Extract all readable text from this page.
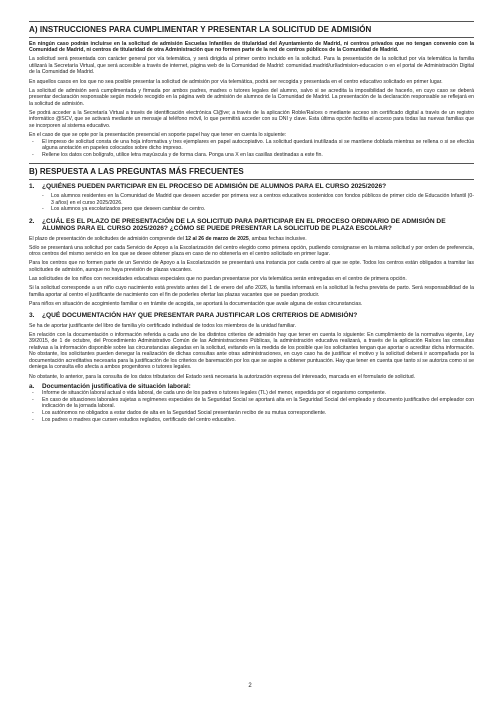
A) INSTRUCCIONES PARA CUMPLIMENTAR Y PRESENTAR LA SOLICITUD DE ADMISIÓN

En ningún caso podrán incluirse en la solicitud de admisión Escuelas Infantiles de titularidad del Ayuntamiento de Madrid, ni centros privados que no tengan convenio con la Comunidad de Madrid, ni centros de titularidad de otra Administración que no formen parte de la red de centros públicos de la Comunidad de Madrid.

La solicitud será presentada con carácter general por vía telemática, y será dirigida al primer centro incluido en la solicitud. Para la presentación de la solicitud por vía telemática la familia utilizará la Secretaría Virtual, que será accesible a través de internet, página web de la Comunidad de Madrid: comunidad.madrid/url/admision-educacion o en el portal de Administración Digital de la Comunidad de Madrid.

En aquellos casos en los que no sea posible presentar la solicitud de admisión por vía telemática, podrá ser recogida y presentada en el centro educativo solicitado en primer lugar.

La solicitud de admisión será cumplimentada y firmada por ambos padres, madres o tutores legales del alumno, salvo si se acredita la imposibilidad de hacerlo, en cuyo caso se deberá presentar declaración responsable según modelo recogido en la página web de admisión de alumnos de la Comunidad de Madrid. La presentación de la declaración responsable se reflejará en la solicitud de admisión.

Se podrá acceder a la Secretaría Virtual a través de identificación electrónica Cl@ve; a través de la aplicación Roble/Raíces o mediante acceso sin certificado digital a través de un registro informático @SCV, que se activará mediante un mensaje al teléfono móvil, lo que permitirá acceder con su DNI y clave. Esta última opción facilita el acceso para todas las nuevas familias que se incorporen al sistema educativo.

En el caso de que se opte por la presentación presencial en soporte papel hay que tener en cuenta lo siguiente:

- El impreso de solicitud consta de una hoja informativa y tres ejemplares en papel autocopiativo. La solicitud quedará inutilizada si se mantiene doblada mientras se rellena o si se efectúa alguna anotación en papeles colocados sobre dicho impreso.
- Rellene los datos con bolígrafo, utilice letra mayúscula y de forma clara. Ponga una X en las casillas destinadas a este fin.
B) RESPUESTA A LAS PREGUNTAS MÁS FRECUENTES
1.	¿QUIÉNES PUEDEN PARTICIPAR EN EL PROCESO DE ADMISIÓN DE ALUMNOS PARA EL CURSO 2025/2026?
- Los alumnos residentes en la Comunidad de Madrid que deseen acceder por primera vez a centros educativos sostenidos con fondos públicos de primer ciclo de Educación Infantil (0-3 años) en el curso 2025/2026.
- Los alumnos ya escolarizados pero que deseen cambiar de centro.
2.	¿CUÁL ES EL PLAZO DE PRESENTACIÓN DE LA SOLICITUD PARA PARTICIPAR EN EL PROCESO ORDINARIO DE ADMISIÓN DE ALUMNOS PARA EL CURSO 2025/2026? ¿CÓMO SE PUEDE PRESENTAR LA SOLICITUD DE PLAZA ESCOLAR?

El plazo de presentación de solicitudes de admisión comprende del 12 al 26 de marzo de 2025, ambas fechas inclusive.

Sólo se presentará una solicitud por cada Servicio de Apoyo a la Escolarización del centro elegido como primera opción, pudiendo consignarse en la misma solicitud y por orden de preferencia, otros centros del mismo servicio en los que se desee obtener plaza en caso de no obtenerla en el centro solicitado en primer lugar.

Para los centros que no formen parte de un Servicio de Apoyo a la Escolarización se presentará una instancia por cada centro al que se opte. Todos los centros están obligados a tramitar las solicitudes de admisión, aunque no haya previsión de plazas vacantes.

Las solicitudes de los niños con necesidades educativas especiales que no puedan presentarse por vía telemática serán entregadas en el centro de primera opción.

Si la solicitud corresponde a un niño cuyo nacimiento está previsto antes del 1 de enero del año 2026, la familia informará en la solicitud la fecha prevista de parto. Será responsabilidad de la familia aportar al centro el justificante de nacimiento con el fin de poderles ofertar las plazas vacantes que se puedan producir.

Para niños en situación de acogimiento familiar o en trámite de acogida, se aportará la documentación que avale alguna de estas circunstancias.

3.	¿QUÉ DOCUMENTACIÓN HAY QUE PRESENTAR PARA JUSTIFICAR LOS CRITERIOS DE ADMISIÓN?

Se ha de aportar justificante del libro de familia y/o certificado individual de todos los miembros de la unidad familiar.

En relación con la documentación o información referida a cada uno de los distintos criterios de admisión hay que tener en cuenta lo siguiente: En cumplimiento de la normativa vigente, Ley 39/2015, de 1 de octubre, del Procedimiento Administrativo Común de las Administraciones Públicas, la administración educativa realizará, a través de la aplicación Raíces las consultas relativas a la información disponible sobre las circunstancias alegadas en la solicitud, evitando en la medida de los posible que los solicitantes tengan que aportar o acreditar dicha información. No obstante, los solicitantes pueden denegar la realización de dichas consultas ante otras administraciones, en cuyo caso ha de justificar el motivo y la solicitud deberá ir acompañada por la documentación acreditativa necesaria para la justificación de los criterios de baremación por los que se aspire a obtener puntuación. Hay que tener en cuenta que tanto si se autoriza como si se deniega la consulta ello afecta a ambos progenitores o tutores legales.

No obstante, lo anterior, para la consulta de los datos tributarios del Estado será necesaria la autorización expresa del interesado, marcada en el formulario de solicitud.

a.	Documentación justificativa de situación laboral:
- Informe de situación laboral actual o vida laboral, de cada uno de los padres o tutores legales (TL) del menor, expedida por el organismo competente.
- En caso de situaciones laborales sujetas a regímenes especiales de la Seguridad Social se aportará alta en la Seguridad Social del empleado y documento justificativo del empleador con indicación de la jornada laboral.
- Los autónomos no obligados a estar dados de alta en la Seguridad Social presentarán recibo de su mutua correspondiente.
- Los padres o madres que cursen estudios reglados, certificado del centro educativo.
2
